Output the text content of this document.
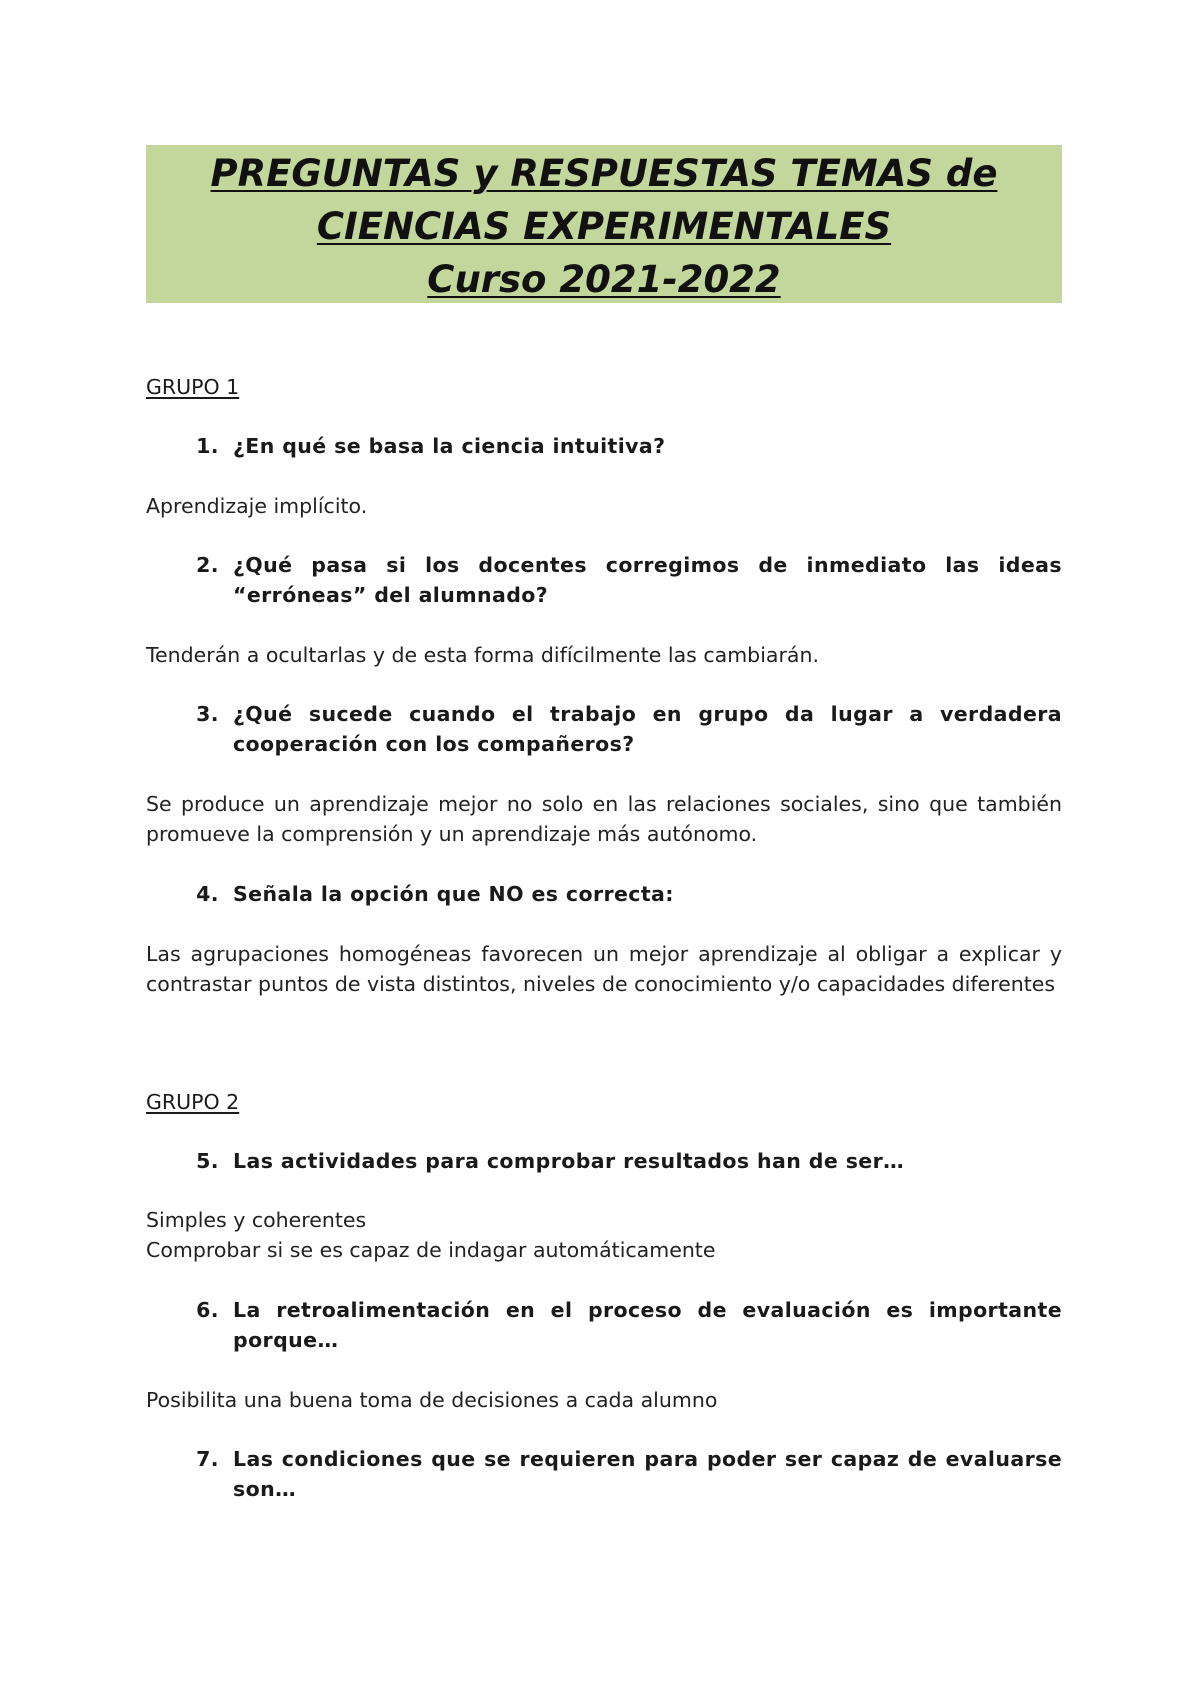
PREGUNTAS y RESPUESTAS TEMAS de
CIENCIAS EXPERIMENTALES
Curso 2021-2022
GRUPO 1
1. ¿En qué se basa la ciencia intuitiva?
Aprendizaje implícito.
2. ¿Qué pasa si los docentes corregimos de inmediato las ideas “erróneas” del alumnado?
Tenderán a ocultarlas y de esta forma difícilmente las cambiarán.
3. ¿Qué sucede cuando el trabajo en grupo da lugar a verdadera cooperación con los compañeros?
Se produce un aprendizaje mejor no solo en las relaciones sociales, sino que también promueve la comprensión y un aprendizaje más autónomo.
4. Señala la opción que NO es correcta:
Las agrupaciones homogéneas favorecen un mejor aprendizaje al obligar a explicar y contrastar puntos de vista distintos, niveles de conocimiento y/o capacidades diferentes
GRUPO 2
5. Las actividades para comprobar resultados han de ser…
Simples y coherentes
Comprobar si se es capaz de indagar automáticamente
6. La retroalimentación en el proceso de evaluación es importante porque…
Posibilita una buena toma de decisiones a cada alumno
7. Las condiciones que se requieren para poder ser capaz de evaluarse son…
